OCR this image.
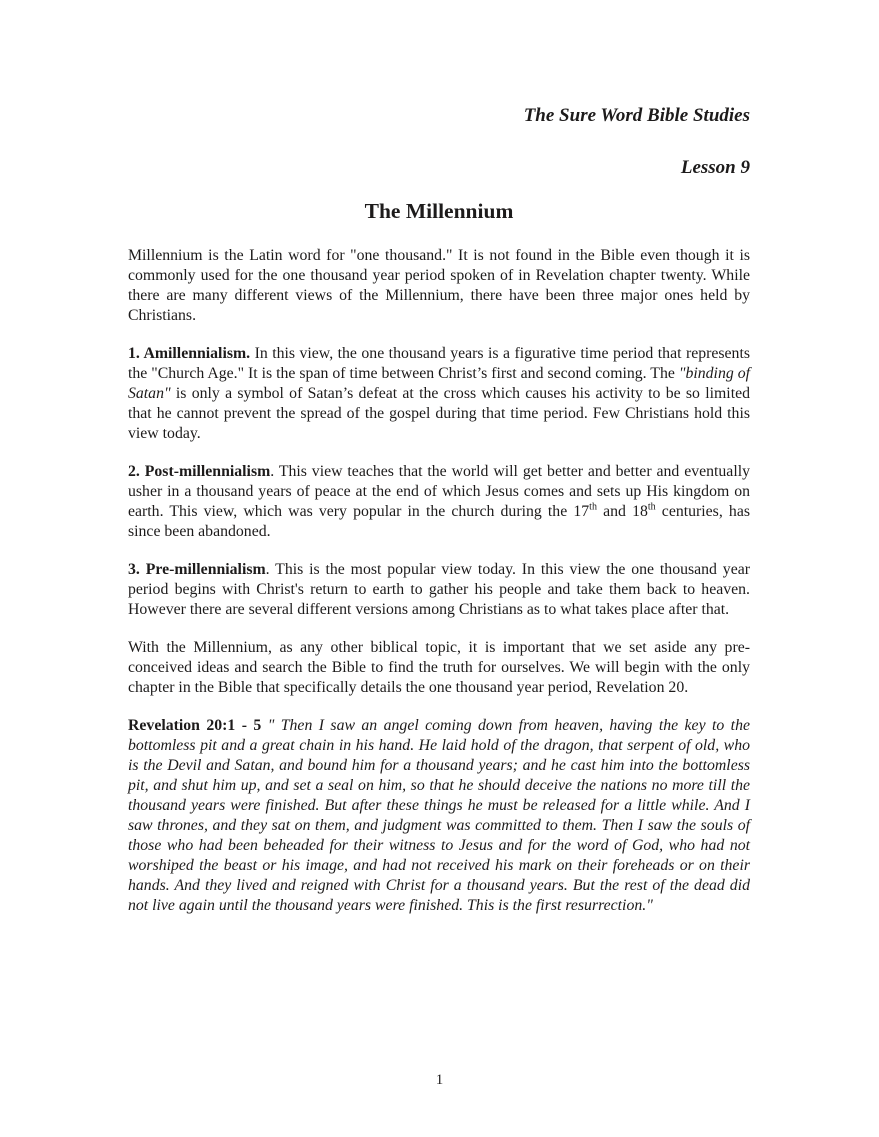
The Sure Word Bible Studies
Lesson 9
The Millennium

Millennium is the Latin word for "one thousand." It is not found in the Bible even though it is commonly used for the one thousand year period spoken of in Revelation chapter twenty. While there are many different views of the Millennium, there have been three major ones held by Christians.

1. Amillennialism. In this view, the one thousand years is a figurative time period that represents the "Church Age." It is the span of time between Christ’s first and second coming. The "binding of Satan" is only a symbol of Satan’s defeat at the cross which causes his activity to be so limited that he cannot prevent the spread of the gospel during that time period. Few Christians hold this view today.

2. Post-millennialism. This view teaches that the world will get better and better and eventually usher in a thousand years of peace at the end of which Jesus comes and sets up His kingdom on earth. This view, which was very popular in the church during the 17th and 18th centuries, has since been abandoned.

3. Pre-millennialism. This is the most popular view today. In this view the one thousand year period begins with Christ's return to earth to gather his people and take them back to heaven. However there are several different versions among Christians as to what takes place after that.

With the Millennium, as any other biblical topic, it is important that we set aside any pre-conceived ideas and search the Bible to find the truth for ourselves. We will begin with the only chapter in the Bible that specifically details the one thousand year period, Revelation 20.

Revelation 20:1 - 5 " Then I saw an angel coming down from heaven, having the key to the bottomless pit and a great chain in his hand. He laid hold of the dragon, that serpent of old, who is the Devil and Satan, and bound him for a thousand years; and he cast him into the bottomless pit, and shut him up, and set a seal on him, so that he should deceive the nations no more till the thousand years were finished. But after these things he must be released for a little while. And I saw thrones, and they sat on them, and judgment was committed to them. Then I saw the souls of those who had been beheaded for their witness to Jesus and for the word of God, who had not worshiped the beast or his image, and had not received his mark on their foreheads or on their hands. And they lived and reigned with Christ for a thousand years. But the rest of the dead did not live again until the thousand years were finished. This is the first resurrection."

1
